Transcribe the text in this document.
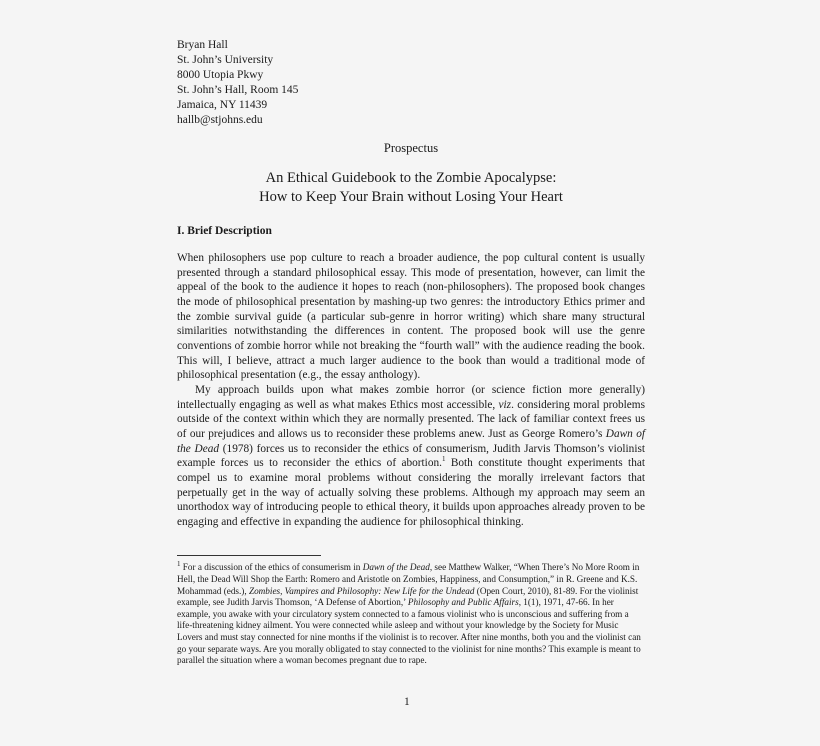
Bryan Hall
St. John’s University
8000 Utopia Pkwy
St. John’s Hall, Room 145
Jamaica, NY 11439
hallb@stjohns.edu
Prospectus
An Ethical Guidebook to the Zombie Apocalypse:
How to Keep Your Brain without Losing Your Heart
I. Brief Description

When philosophers use pop culture to reach a broader audience, the pop cultural content is usually presented through a standard philosophical essay. This mode of presentation, however, can limit the appeal of the book to the audience it hopes to reach (non-philosophers). The proposed book changes the mode of philosophical presentation by mashing-up two genres: the introductory Ethics primer and the zombie survival guide (a particular sub-genre in horror writing) which share many structural similarities notwithstanding the differences in content. The proposed book will use the genre conventions of zombie horror while not breaking the “fourth wall” with the audience reading the book. This will, I believe, attract a much larger audience to the book than would a traditional mode of philosophical presentation (e.g., the essay anthology).

My approach builds upon what makes zombie horror (or science fiction more generally) intellectually engaging as well as what makes Ethics most accessible, viz. considering moral problems outside of the context within which they are normally presented. The lack of familiar context frees us of our prejudices and allows us to reconsider these problems anew. Just as George Romero’s Dawn of the Dead (1978) forces us to reconsider the ethics of consumerism, Judith Jarvis Thomson’s violinist example forces us to reconsider the ethics of abortion.$^1$ Both constitute thought experiments that compel us to examine moral problems without considering the morally irrelevant factors that perpetually get in the way of actually solving these problems. Although my approach may seem an unorthodox way of introducing people to ethical theory, it builds upon approaches already proven to be engaging and effective in expanding the audience for philosophical thinking.

$^1$ For a discussion of the ethics of consumerism in Dawn of the Dead, see Matthew Walker, “When There’s No More Room in Hell, the Dead Will Shop the Earth: Romero and Aristotle on Zombies, Happiness, and Consumption,” in R. Greene and K.S. Mohammad (eds.), Zombies, Vampires and Philosophy: New Life for the Undead (Open Court, 2010), 81-89. For the violinist example, see Judith Jarvis Thomson, ‘A Defense of Abortion,’ Philosophy and Public Affairs, 1(1), 1971, 47-66. In her example, you awake with your circulatory system connected to a famous violinist who is unconscious and suffering from a life-threatening kidney ailment. You were connected while asleep and without your knowledge by the Society for Music Lovers and must stay connected for nine months if the violinist is to recover. After nine months, both you and the violinist can go your separate ways. Are you morally obligated to stay connected to the violinist for nine months? This example is meant to parallel the situation where a woman becomes pregnant due to rape.
1
